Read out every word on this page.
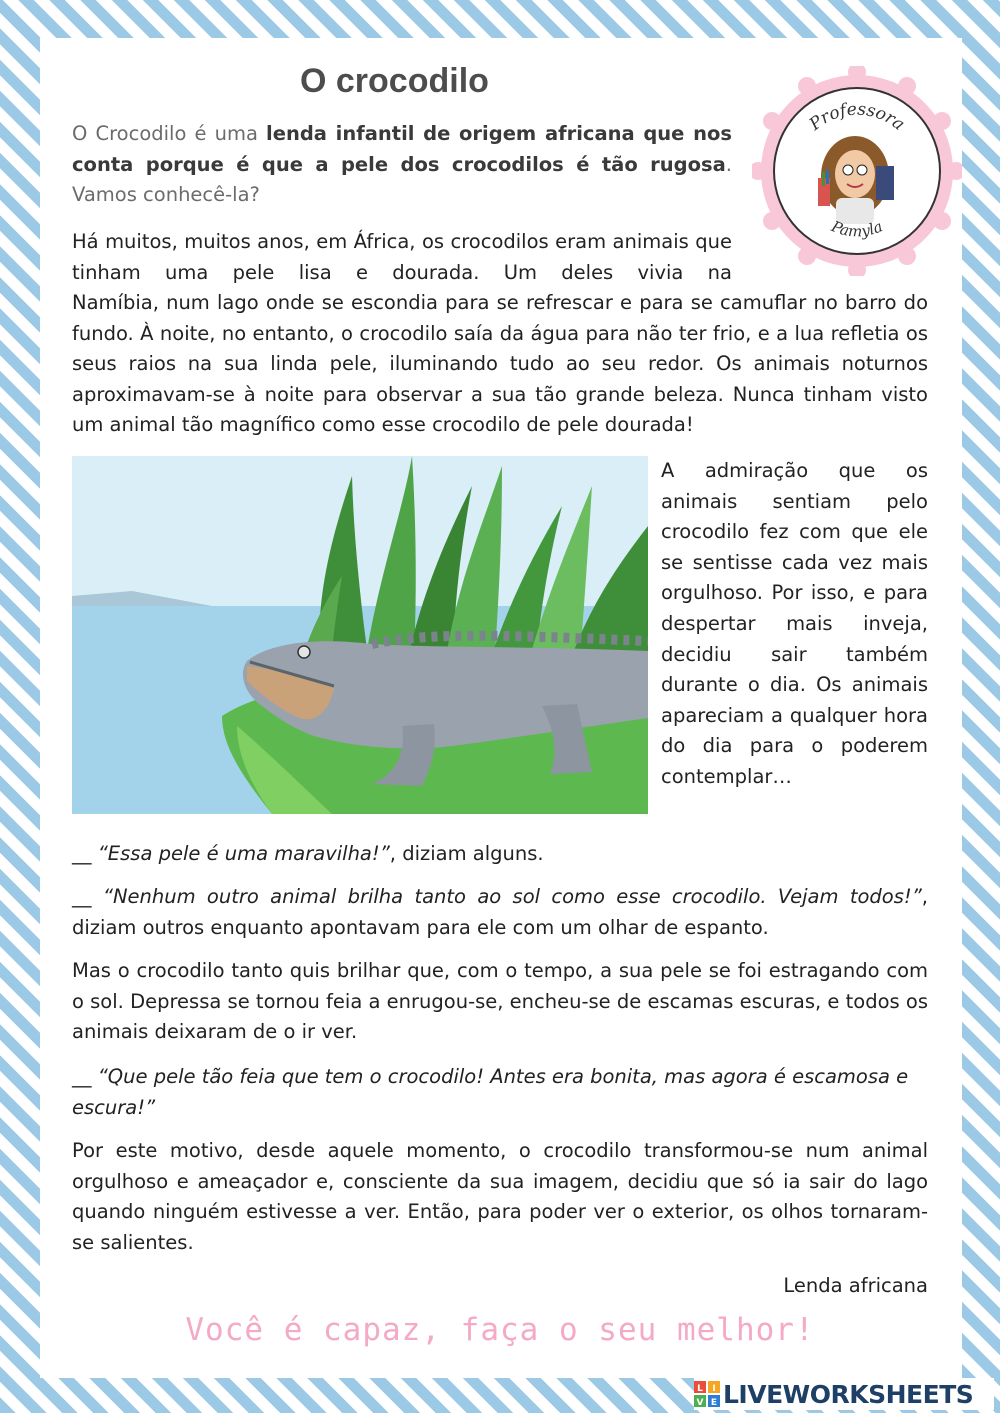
O crocodilo
Professora
Pamyla

O Crocodilo é uma lenda infantil de origem africana que nos conta porque é que a pele dos crocodilos é tão rugosa. Vamos conhecê-la?

Há muitos, muitos anos, em África, os crocodilos eram animais que tinham uma pele lisa e dourada. Um deles vivia na

Namíbia, num lago onde se escondia para se refrescar e para se camuflar no barro do fundo. À noite, no entanto, o crocodilo saía da água para não ter frio, e a lua refletia os seus raios na sua linda pele, iluminando tudo ao seu redor. Os animais noturnos aproximavam-se à noite para observar a sua tão grande beleza. Nunca tinham visto um animal tão magnífico como esse crocodilo de pele dourada!

A admiração que os animais sentiam pelo crocodilo fez com que ele se sentisse cada vez mais orgulhoso. Por isso, e para despertar mais inveja, decidiu sair também durante o dia. Os animais apareciam a qualquer hora do dia para o poderem contemplar…

__ “Essa pele é uma maravilha!”, diziam alguns.

__ “Nenhum outro animal brilha tanto ao sol como esse crocodilo. Vejam todos!”, diziam outros enquanto apontavam para ele com um olhar de espanto.

Mas o crocodilo tanto quis brilhar que, com o tempo, a sua pele se foi estragando com o sol. Depressa se tornou feia a enrugou-se, encheu-se de escamas escuras, e todos os animais deixaram de o ir ver.

__ “Que pele tão feia que tem o crocodilo! Antes era bonita, mas agora é escamosa e escura!”

Por este motivo, desde aquele momento, o crocodilo transformou-se num animal orgulhoso e ameaçador e, consciente da sua imagem, decidiu que só ia sair do lago quando ninguém estivesse a ver. Então, para poder ver o exterior, os olhos tornaram-se salientes.

Lenda africana

Você é capaz, faça o seu melhor!

L I
V E LIVEWORKSHEETS
